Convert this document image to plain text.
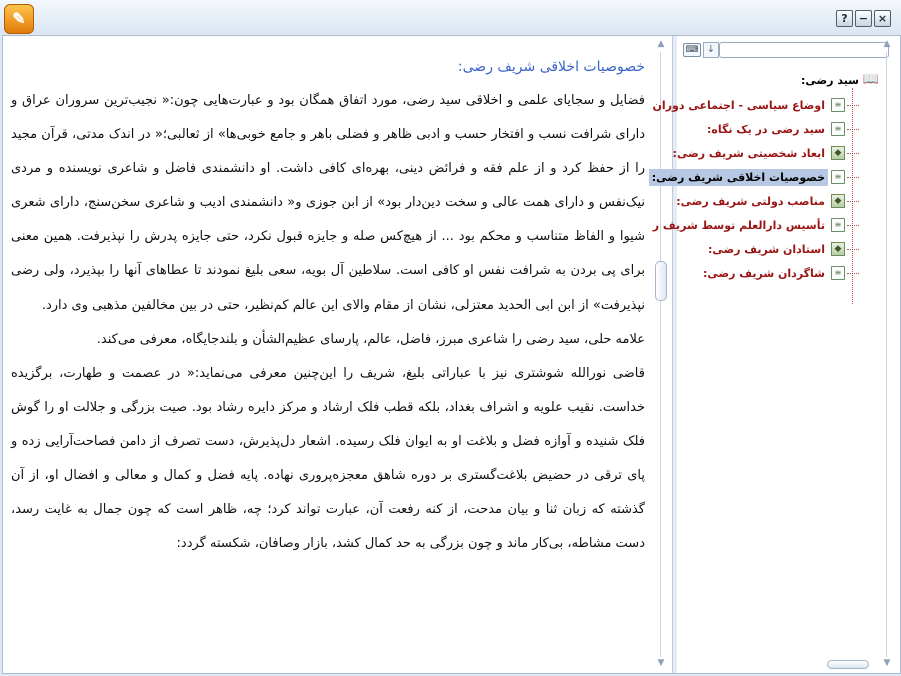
✎	?	− ×
خصوصیات اخلاقی شریف رضی:

فضایل و سجایای علمی و اخلاقی سید رضی، مورد اتفاق همگان بود و عبارت‌هایی چون:« نجیب‌ترین سروران عراق و دارای شرافت نسب و افتخار حسب و ادبی ظاهر و فضلی باهر و جامع خوبی‌ها» از ثعالبی؛« در اندک مدتی، قرآن مجید را از حفظ کرد و از علم فقه و فرائض دینی، بهره‌ای کافی داشت. او دانشمندی فاضل و شاعری نویسنده و مردی نیک‌نفس و دارای همت عالی و سخت دین‌دار بود» از ابن جوزی و« دانشمندی ادیب و شاعری سخن‌سنج، دارای شعری شیوا و الفاظ متناسب و محکم بود ... از هیچ‌کس صله و جایزه قبول نکرد، حتی جایزه پدرش را نپذیرفت. همین معنی برای پی بردن به شرافت نفس او کافی است. سلاطین آل بویه، سعی بلیغ نمودند تا عطاهای آنها را بپذیرد، ولی رضی نپذیرفت» از ابن ابی الحدید معتزلی، نشان از مقام والای این عالم کم‌نظیر، حتی در بین مخالفین مذهبی وی دارد.

علامه حلی، سید رضی را شاعری مبرز، فاضل، عالم، پارسای عظیم‌الشأن و بلندجایگاه، معرفی می‌کند.

قاضی نورالله شوشتری نیز با عباراتی بلیغ، شریف را این‌چنین معرفی می‌نماید:« در عصمت و طهارت، برگزیده خداست. نقیب علویه و اشراف بغداد، بلکه قطب فلک ارشاد و مرکز دایره رشاد بود. صیت بزرگی و جلالت او را گوش فلک شنیده و آوازه فضل و بلاغت او به ایوان فلک رسیده. اشعار دل‌پذیرش، دست تصرف از دامن فصاحت‌آرایی زده و پای ترقی در حضیض بلاغت‌گستری بر دوره شاهق معجزه‌پروری نهاده. پایه فضل و کمال و معالی و افضال او، از آن گذشته که زبان ثنا و بیان مدحت، از کنه رفعت آن، عبارت تواند کرد؛ چه، ظاهر است که چون جمال به غایت رسد، دست مشاطه، بی‌کار ماند و چون بزرگی به حد کمال کشد، بازار وصافان، شکسته گردد:

▲
▼
⌨ ↓
📖
سید رضی:
≡
اوضاع سیاسی - اجتماعی دوران
≡
سید رضی در یک نگاه:
◆
ابعاد شخصیتی شریف رضی:
≡
خصوصیات اخلاقی شریف رضی:
◆
مناصب دولتی شریف رضی:
≡
تأسیس دارالعلم توسط شریف ر
◆
استادان شریف رضی:
≡
شاگردان شریف رضی:
▲
▼
